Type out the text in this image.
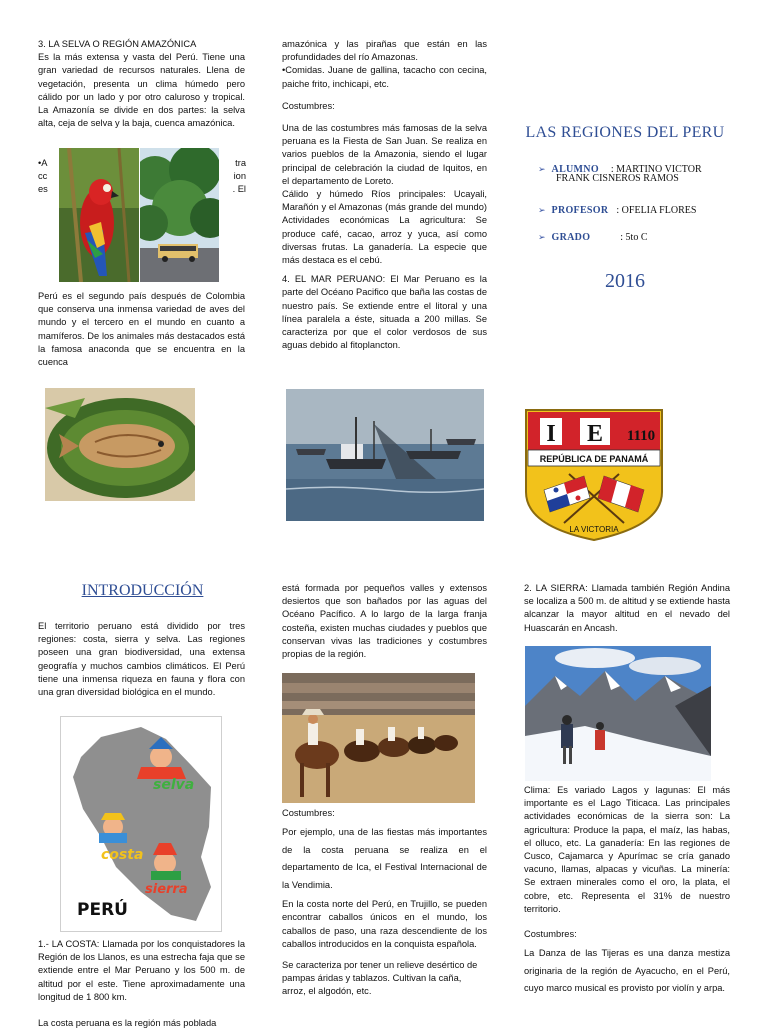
3. LA SELVA O REGIÓN AMAZÓNICA
Es la más extensa y vasta del Perú. Tiene una gran variedad de recursos naturales. Llena de vegetación, presenta un clima húmedo pero cálido por un lado y por otro caluroso y tropical. La Amazonía se divide en dos partes: la selva alta, ceja de selva y la baja, cuenca amazónica.
•A
cc
es
tra
ion
. El
Perú es el segundo país después de Colombia que conserva una inmensa variedad de aves del mundo y el tercero en el mundo en cuanto a mamíferos. De los animales más destacados está la famosa anaconda que se encuentra en la cuenca

amazónica y las pirañas que están en las profundidades del río Amazonas.

•Comidas. Juane de gallina, tacacho con cecina, paiche frito, inchicapi, etc.

Costumbres:

Una de las costumbres más famosas de la selva peruana es la Fiesta de San Juan. Se realiza en varios pueblos de la Amazonia, siendo el lugar principal de celebración la ciudad de Iquitos, en el departamento de Loreto.

Cálido y húmedo Ríos principales: Ucayali, Marañón y el Amazonas (más grande del mundo) Actividades económicas La agricultura: Se produce café, cacao, arroz y yuca, así como diversas frutas. La ganadería. La especie que más destaca es el cebú.

4. EL MAR PERUANO: El Mar Peruano es la parte del Océano Pacifico que baña las costas de nuestro país. Se extiende entre el litoral y una línea paralela a éste, situada a 200 millas. Se caracteriza por que el color verdosos de sus aguas debido al fitoplancton.

LAS REGIONES DEL PERU
➢ ALUMNO : MARTINO VICTOR
FRANK CISNEROS RAMOS
➢ PROFESOR : OFELIA FLORES
➢ GRADO	: 5to C
2016
I E 1110
REPÚBLICA DE PANAMÁ
LA VICTORIA
INTRODUCCIÓN
El territorio peruano está dividido por tres regiones: costa, sierra y selva. Las regiones poseen una gran biodiversidad, una extensa geografía y muchos cambios climáticos. El Perú tiene una inmensa riqueza en fauna y flora con una gran diversidad biológica en el mundo.
selva
costa
sierra
PERÚ
1.- LA COSTA: Llamada por los conquistadores la Región de los Llanos, es una estrecha faja que se extiende entre el Mar Peruano y los 500 m. de altitud por el este. Tiene aproximadamente una longitud de 1 800 km.
La costa peruana es la región más poblada
está formada por pequeños valles y extensos desiertos que son bañados por las aguas del Océano Pacífico. A lo largo de la larga franja costeña, existen muchas ciudades y pueblos que conservan vivas las tradiciones y costumbres propias de la región.
Costumbres:
Por ejemplo, una de las fiestas más importantes de la costa peruana se realiza en el departamento de Ica, el Festival Internacional de la Vendimia.
En la costa norte del Perú, en Trujillo, se pueden encontrar caballos únicos en el mundo, los caballos de paso, una raza descendiente de los caballos introducidos en la conquista española.
Se caracteriza por tener un relieve desértico de pampas áridas y tablazos. Cultivan la caña, arroz, el algodón, etc.
2. LA SIERRA: Llamada también Región Andina se localiza a 500 m. de altitud y se extiende hasta alcanzar la mayor altitud en el nevado del Huascarán en Ancash.
Clima: Es variado Lagos y lagunas: El más importante es el Lago Titicaca. Las principales actividades económicas de la sierra son: La agricultura: Produce la papa, el maíz, las habas, el olluco, etc. La ganadería: En las regiones de Cusco, Cajamarca y Apurímac se cría ganado vacuno, llamas, alpacas y vicuñas. La minería: Se extraen minerales como el oro, la plata, el cobre, etc. Representa el 31% de nuestro territorio.
Costumbres:
La Danza de las Tijeras es una danza mestiza originaria de la región de Ayacucho, en el Perú, cuyo marco musical es provisto por violín y arpa.
